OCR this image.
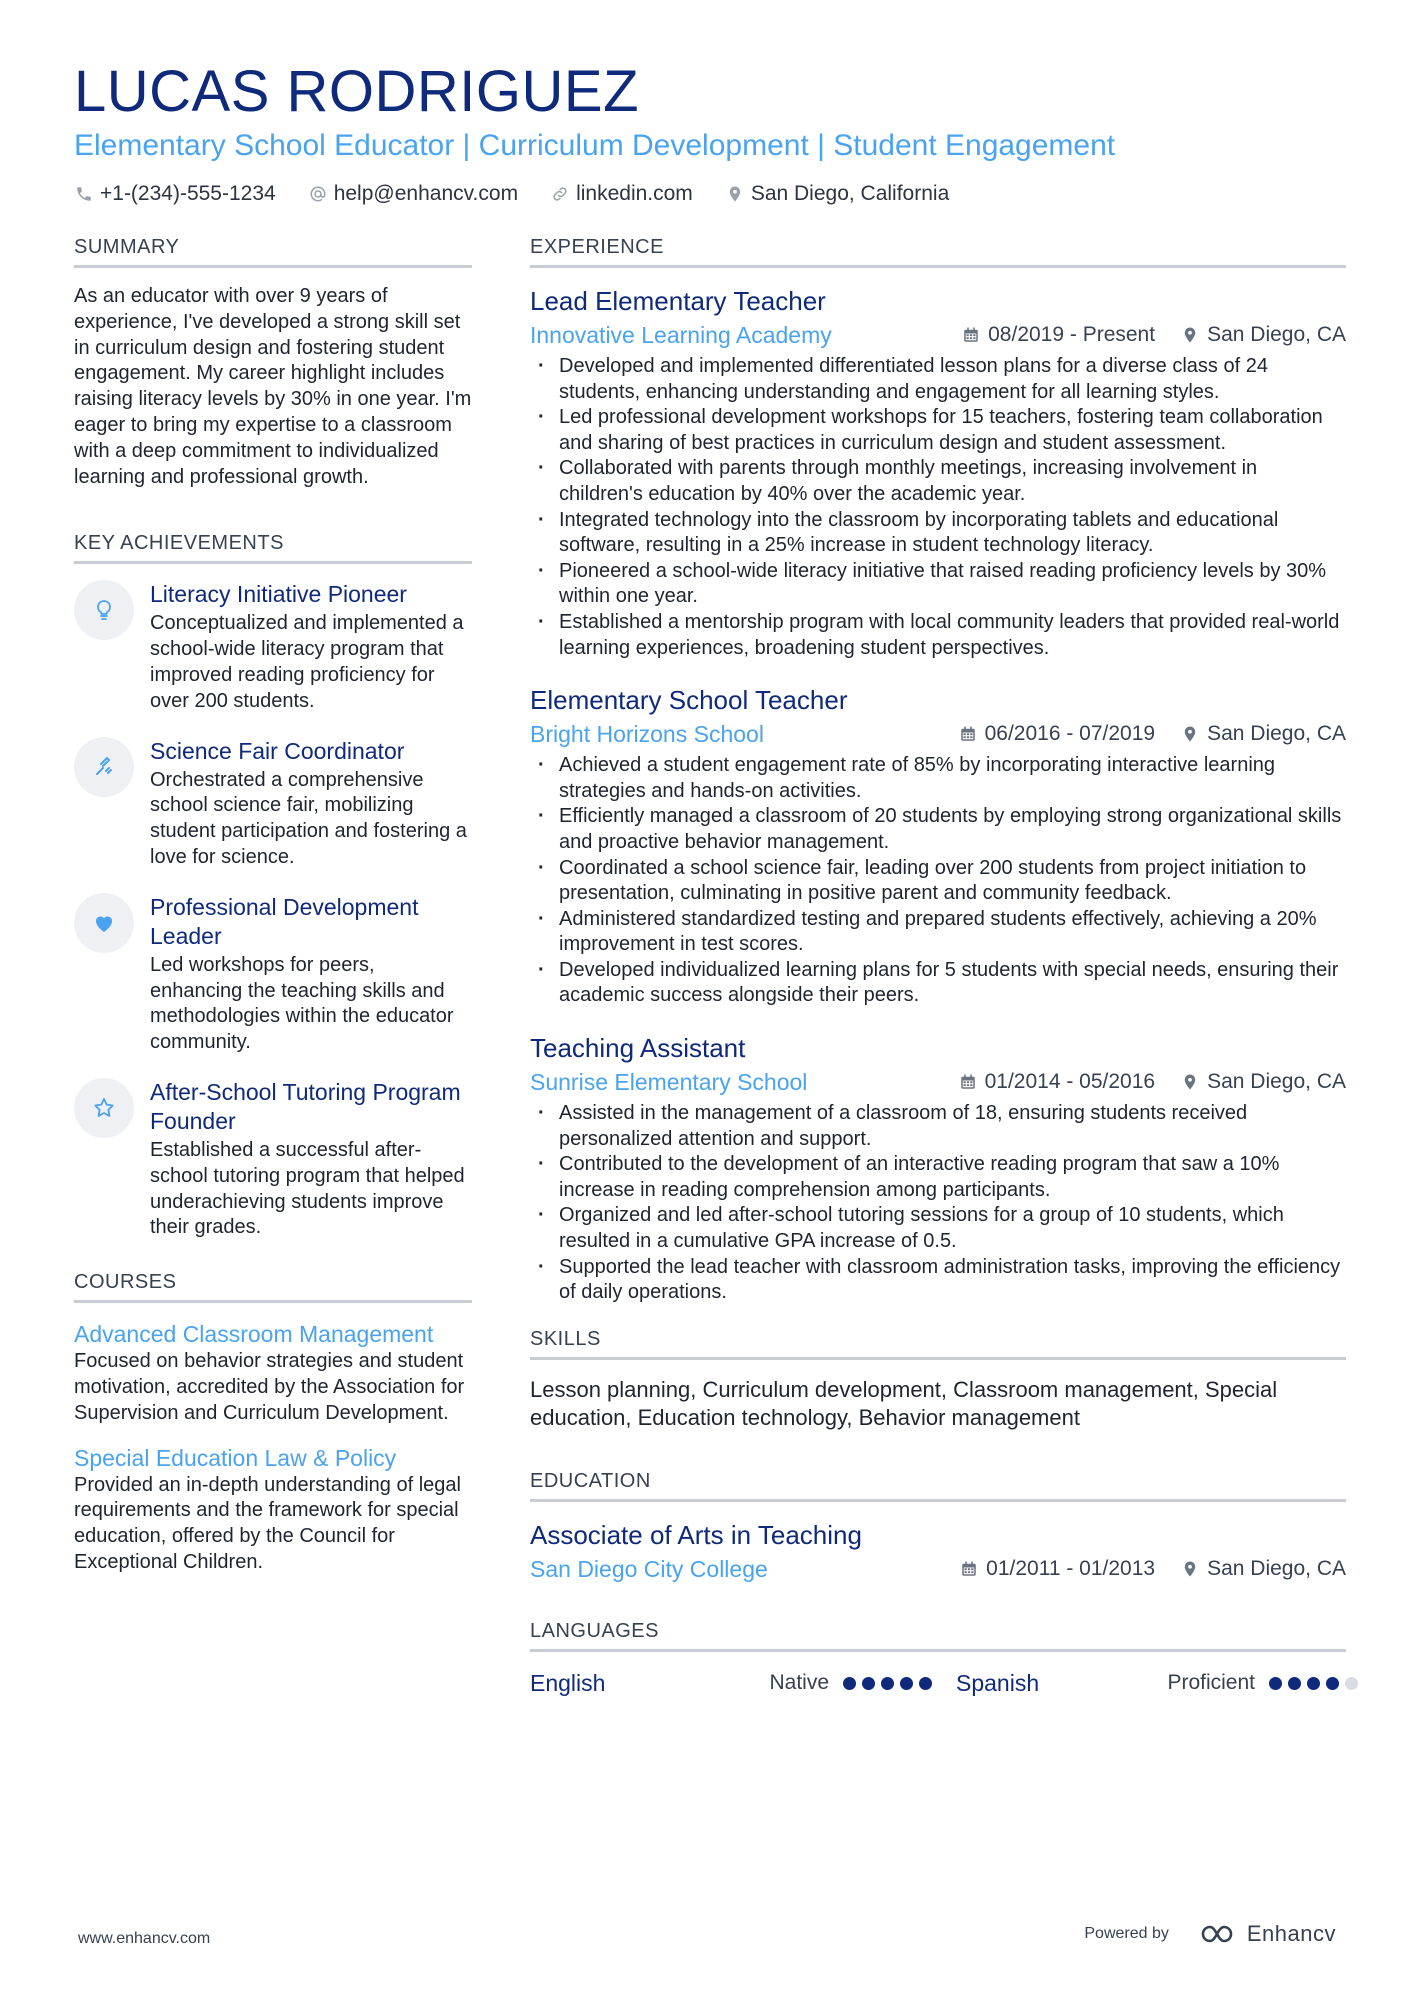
LUCAS RODRIGUEZ
Elementary School Educator | Curriculum Development | Student Engagement
+1-(234)-555-1234	help@enhancv.com	linkedin.com	San Diego, California
SUMMARY
As an educator with over 9 years of experience, I've developed a strong skill set in curriculum design and fostering student engagement. My career highlight includes raising literacy levels by 30% in one year. I'm eager to bring my expertise to a classroom with a deep commitment to individualized learning and professional growth.
KEY ACHIEVEMENTS
Literacy Initiative Pioneer
Conceptualized and implemented a school-wide literacy program that improved reading proficiency for over 200 students.
Science Fair Coordinator
Orchestrated a comprehensive school science fair, mobilizing student participation and fostering a love for science.
Professional Development Leader
Led workshops for peers, enhancing the teaching skills and methodologies within the educator community.
After-School Tutoring Program Founder
Established a successful after-school tutoring program that helped underachieving students improve their grades.
COURSES
Advanced Classroom Management
Focused on behavior strategies and student motivation, accredited by the Association for Supervision and Curriculum Development.
Special Education Law & Policy
Provided an in-depth understanding of legal requirements and the framework for special education, offered by the Council for Exceptional Children.
EXPERIENCE
Lead Elementary Teacher
Innovative Learning Academy	08/2019 - Present San Diego, CA
· Developed and implemented differentiated lesson plans for a diverse class of 24 students, enhancing understanding and engagement for all learning styles.
· Led professional development workshops for 15 teachers, fostering team collaboration and sharing of best practices in curriculum design and student assessment.
· Collaborated with parents through monthly meetings, increasing involvement in children's education by 40% over the academic year.
· Integrated technology into the classroom by incorporating tablets and educational software, resulting in a 25% increase in student technology literacy.
· Pioneered a school-wide literacy initiative that raised reading proficiency levels by 30% within one year.
· Established a mentorship program with local community leaders that provided real-world learning experiences, broadening student perspectives.
Elementary School Teacher
Bright Horizons School	06/2016 - 07/2019 San Diego, CA
· Achieved a student engagement rate of 85% by incorporating interactive learning strategies and hands-on activities.
· Efficiently managed a classroom of 20 students by employing strong organizational skills and proactive behavior management.
· Coordinated a school science fair, leading over 200 students from project initiation to presentation, culminating in positive parent and community feedback.
· Administered standardized testing and prepared students effectively, achieving a 20% improvement in test scores.
· Developed individualized learning plans for 5 students with special needs, ensuring their academic success alongside their peers.
Teaching Assistant
Sunrise Elementary School	01/2014 - 05/2016 San Diego, CA
· Assisted in the management of a classroom of 18, ensuring students received personalized attention and support.
· Contributed to the development of an interactive reading program that saw a 10% increase in reading comprehension among participants.
· Organized and led after-school tutoring sessions for a group of 10 students, which resulted in a cumulative GPA increase of 0.5.
· Supported the lead teacher with classroom administration tasks, improving the efficiency of daily operations.
SKILLS
Lesson planning, Curriculum development, Classroom management, Special education, Education technology, Behavior management
EDUCATION
Associate of Arts in Teaching
San Diego City College	01/2011 - 01/2013 San Diego, CA
LANGUAGES
English	Native	Spanish	Proficient
www.enhancv.com	Powered by	Enhancv
